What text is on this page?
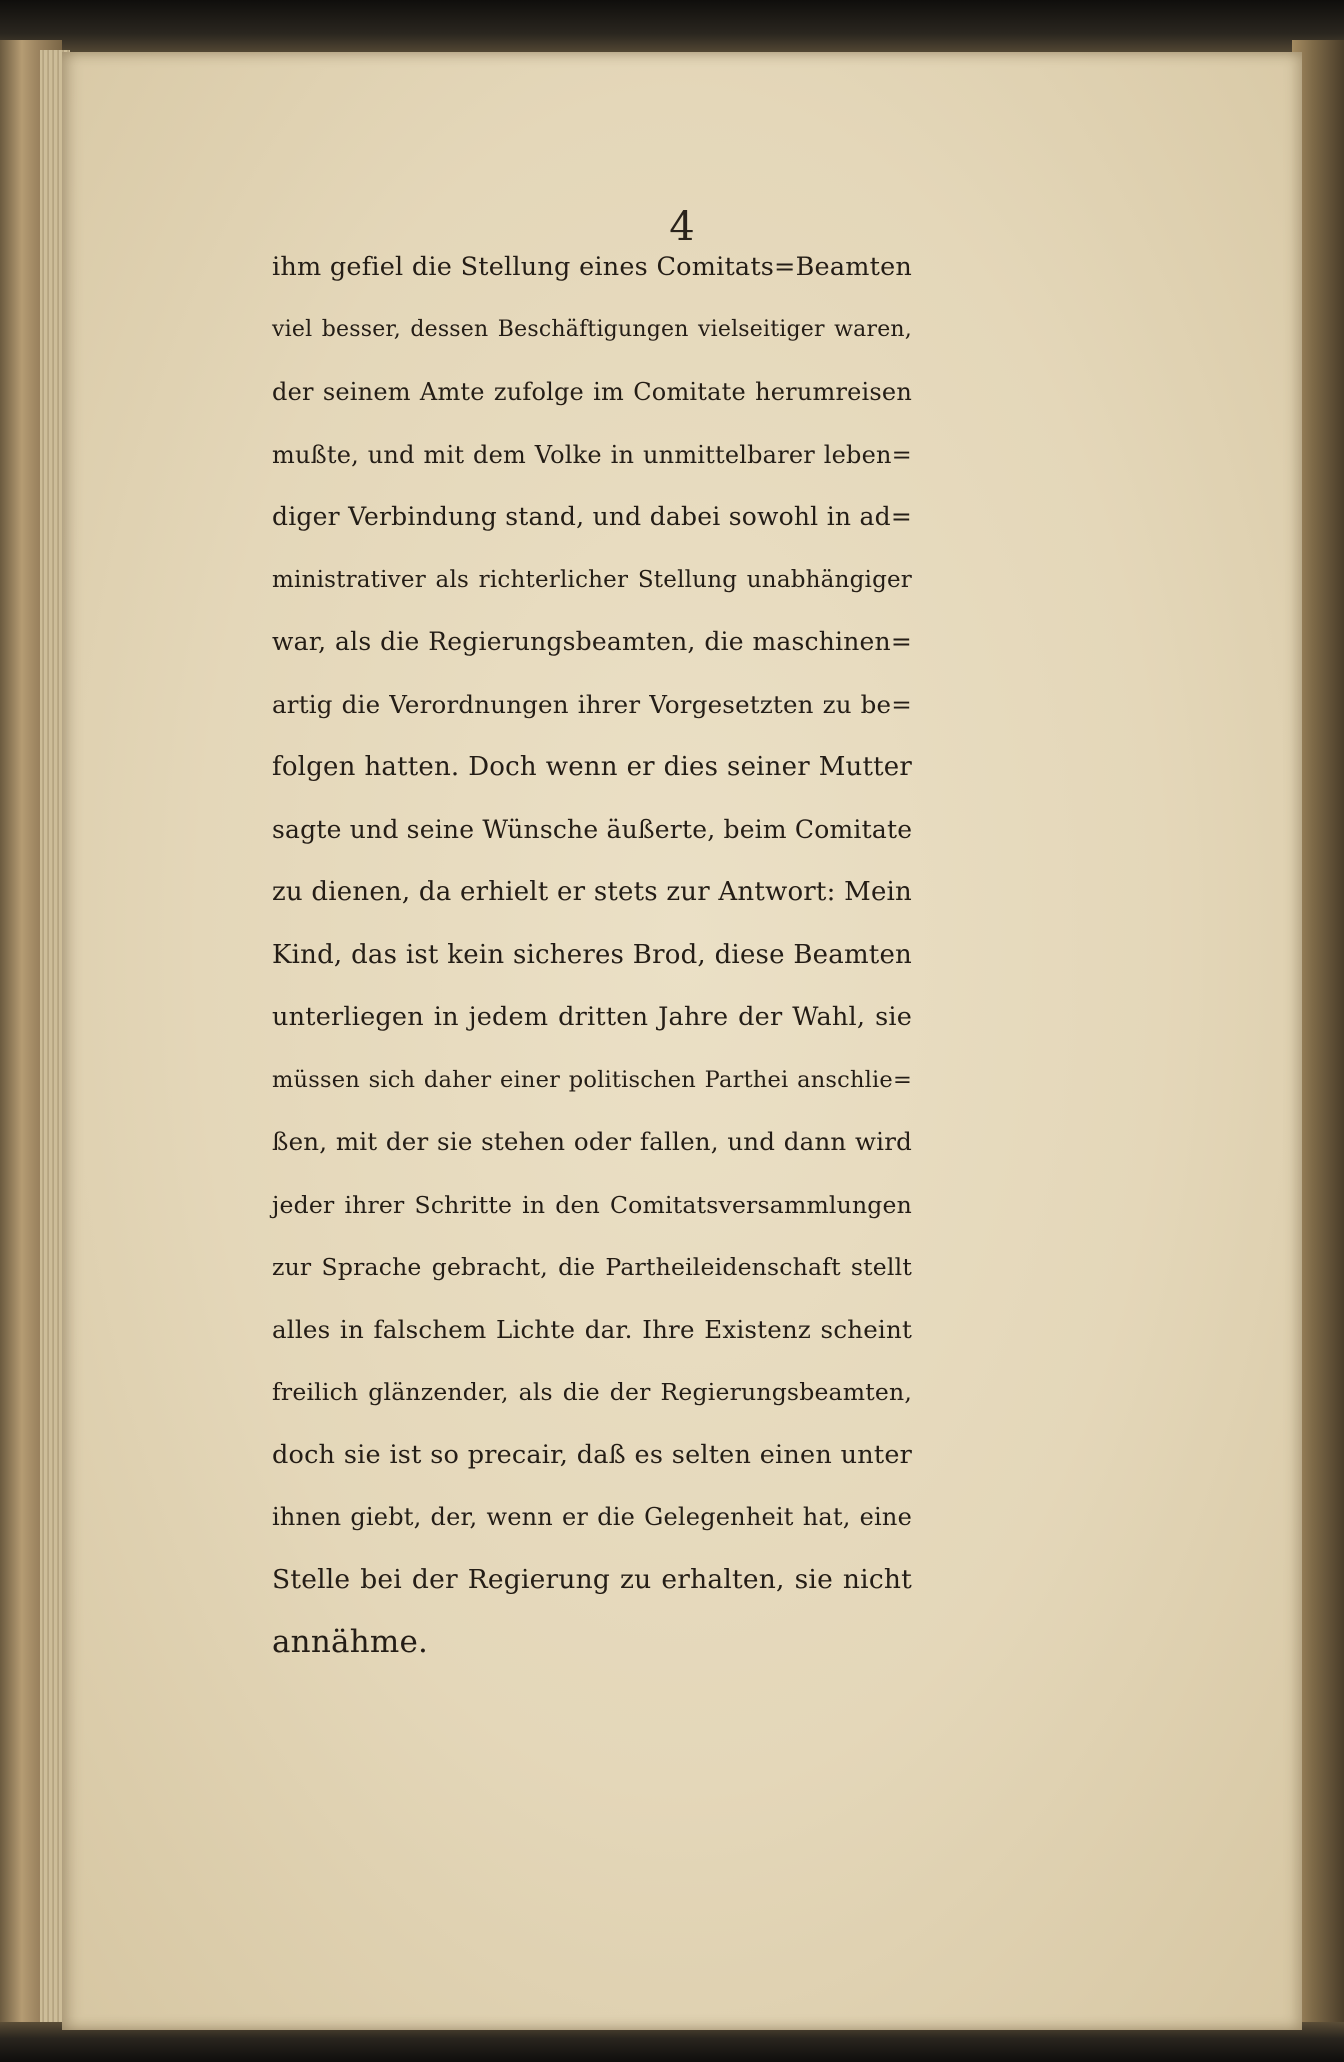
4
ihm gefiel die Stellung eines Comitats=Beamten
viel besser, dessen Beschäftigungen vielseitiger waren,
der seinem Amte zufolge im Comitate herumreisen
mußte, und mit dem Volke in unmittelbarer leben=
diger Verbindung stand, und dabei sowohl in ad=
ministrativer als richterlicher Stellung unabhängiger
war, als die Regierungsbeamten, die maschinen=
artig die Verordnungen ihrer Vorgesetzten zu be=
folgen hatten. Doch wenn er dies seiner Mutter
sagte und seine Wünsche äußerte, beim Comitate
zu dienen, da erhielt er stets zur Antwort: Mein
Kind, das ist kein sicheres Brod, diese Beamten
unterliegen in jedem dritten Jahre der Wahl, sie
müssen sich daher einer politischen Parthei anschlie=
ßen, mit der sie stehen oder fallen, und dann wird
jeder ihrer Schritte in den Comitatsversammlungen
zur Sprache gebracht, die Partheileidenschaft stellt
alles in falschem Lichte dar. Ihre Existenz scheint
freilich glänzender, als die der Regierungsbeamten,
doch sie ist so precair, daß es selten einen unter
ihnen giebt, der, wenn er die Gelegenheit hat, eine
Stelle bei der Regierung zu erhalten, sie nicht
annähme.
